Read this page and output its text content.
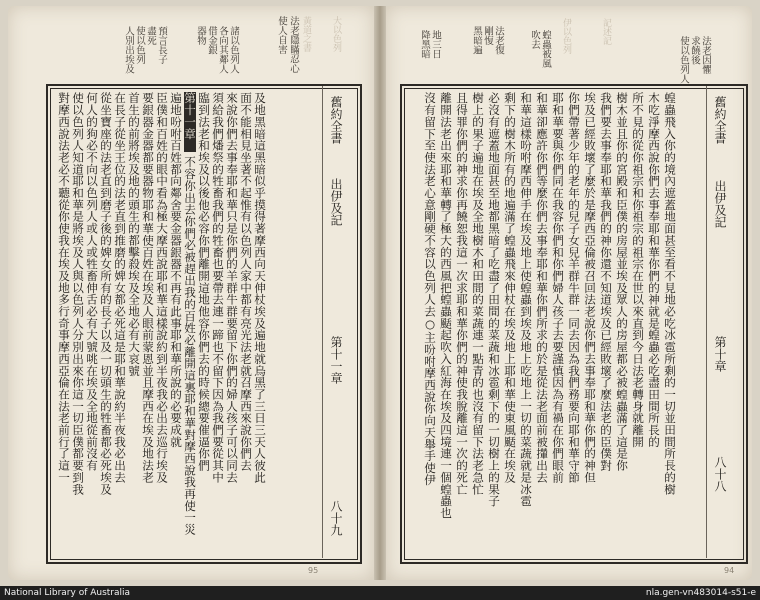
黃道之書 大以色列	伊以色列	記述記
法老隱瞞忍心
使人自害
諸以色列人
各向其鄰人
借金銀
器物
預言長子
盡死
使以色列
人別出埃及
對摩西說法老必不聽從你使我在埃及地多行奇事摩西亞倫在法老前行了這一 使以色列人知道耶和華是將埃及人與以色列人分別出來你這一切臣僕都要到我 何人的狗必不向以色列人或人或牲畜伸舌必有大號咷在埃及全地從前沒有 從坐寶座的法老直到磨子後的婢女所有的長子以及一切頭生的牲畜都必死埃及 在長子從坐王位的法老直到推磨的婢女都必死這是耶和華說約半夜我必出去 首生的前將埃及地的頭生的都擊殺埃及全地必有大哀號 要銀器金器都要器物耶和華使百姓在埃及人眼前蒙恩並且摩西在埃及地法老 臣僕和百姓的眼中看為極大摩西說耶和華這樣說約到半夜我必出去巡行埃及 遍地吩咐百姓都向鄰舍要金器銀器不再有此事耶和華所說的必要成就 第十一章
不容你出去你們必被趕出我的百姓必離開這裏耶和華對摩西說我再使一災 臨到法老和埃及以後他必容你們離開這地他容你們去的時候總要催逼你們 須給我們燔祭的牲畜我們的牲畜也要帶去連一蹄也不留下因為我們要從其中 來說你們去事奉耶和華只是你們的羊群牛群要留下你們的婦人孩子可以同去 面不能相見坐著不起惟有以色列人家中都有亮光法老就召摩西來說你們去 及地黑暗這黑暗似乎摸得著摩西向天伸杖埃及遍地就烏黑了三日三天人彼此	舊約全書
出伊及記
第十一章
八十九
95
法老因懼
求饒後
使以色列人
蝗蟲被風
吹去
法老復
剛愎
黑暗遍
地三日
降黑暗
沒有留下至使法老心意剛硬不容以色列人去○主吩咐摩西說你向天舉手使伊 離開法老出來耶和華轉了極大的西風把蝗蟲颳起吹入紅海在埃及四境連一個蝗蟲也 且得罪你們的神求你再饒恕我這一次求耶和華你們的神使我脫離這一次的死亡 樹上的果子遍地在埃及全地樹木和田間的菜蔬連一點青的也沒有留下法老急忙 必沒有遮蓋地面甚至地都黑暗了吃盡了田間的菜蔬和冰雹剩下的一切樹上的果子 剩下的樹木所有的地遍滿了蝗蟲飛來伸杖在埃及地上耶和華使東風颳在埃及 和華這樣吩咐摩西伸手在埃及地上使蝗蟲到埃及地上吃地上一切的菜蔬就是冰雹 和華卻應許你們等麼你們去事奉耶和華你們所求的於是從法老面前被攆出去 耶和華要與你們同在我容你們和你們婦人孩子去要謹慎因為有禍在你們眼前 你們帶著少年的老年的兒子女兒羊群牛群一同去因為我們務要向耶和華守節 埃及已經敗壞了麼於是摩西亞倫被召回法老說你們去事奉耶和華你們的神但 我們要去事奉耶和華我們的神你還不知道埃及已經敗壞了麼法老的臣僕對 樹木並且你的宮殿和臣僕的房屋並埃及眾人的房屋都必被蝗蟲滿了這是你 所不見的從你祖宗和你祖宗的祖宗在世以來直到今日法老轉身就離開 木吃淨摩西說你們去事奉耶和華你們的神就是蝗蟲必吃盡田間所長的 蝗蟲飛入你的境內遮蓋地面甚至看不見地必吃冰雹所剩的一切並田間所長的樹	舊約全書
出伊及記
第十章
八十八
94
National Library of Australia	nla.gen-vn483014-s51-e
